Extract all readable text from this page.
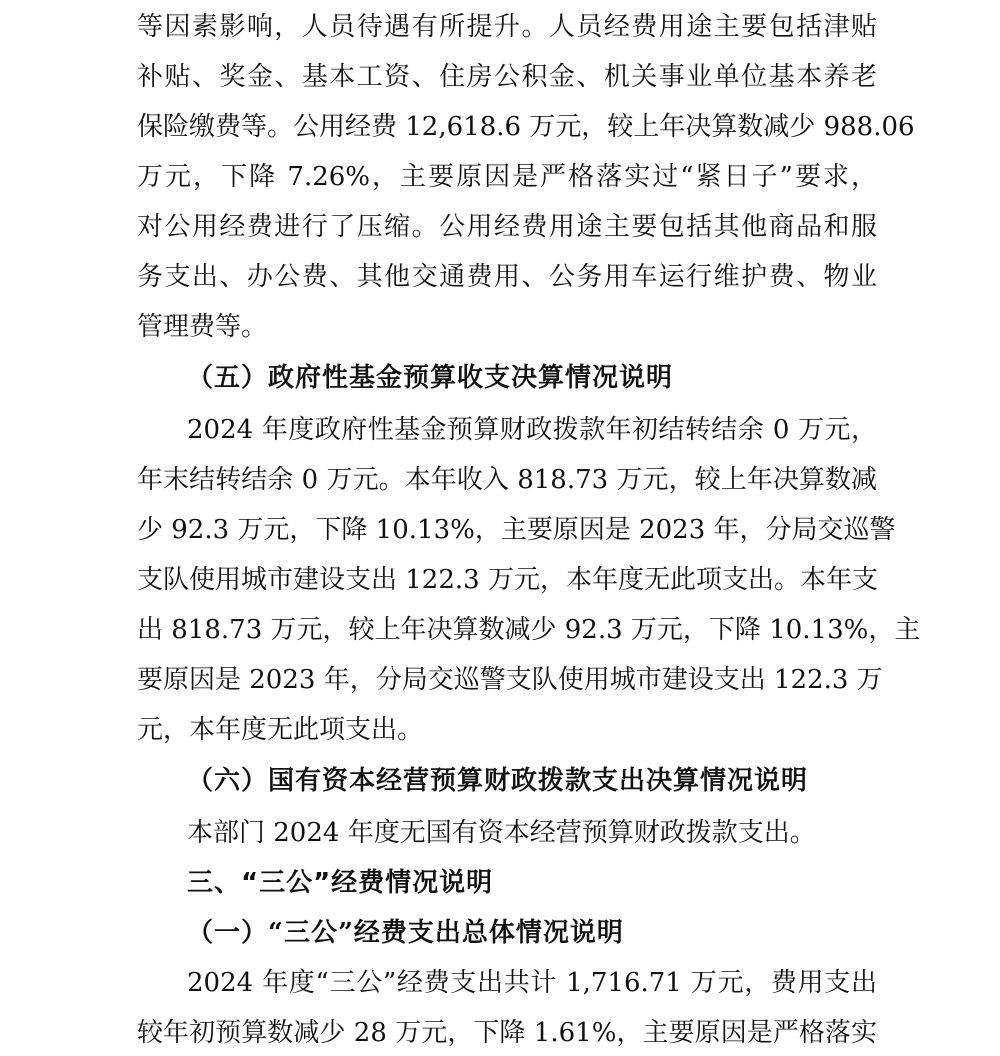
等因素影响，人员待遇有所提升。人员经费用途主要包括津贴
补贴、奖金、基本工资、住房公积金、机关事业单位基本养老
保险缴费等。公用经费 12,618.6 万元，较上年决算数减少 988.06
万元，下降 7.26%，主要原因是严格落实过“紧日子”要求，
对公用经费进行了压缩。公用经费用途主要包括其他商品和服
务支出、办公费、其他交通费用、公务用车运行维护费、物业
管理费等。
（五）政府性基金预算收支决算情况说明
2024 年度政府性基金预算财政拨款年初结转结余 0 万元，
年末结转结余 0 万元。本年收入 818.73 万元，较上年决算数减
少 92.3 万元，下降 10.13%，主要原因是 2023 年，分局交巡警
支队使用城市建设支出 122.3 万元，本年度无此项支出。本年支
出 818.73 万元，较上年决算数减少 92.3 万元，下降 10.13%，主
要原因是 2023 年，分局交巡警支队使用城市建设支出 122.3 万
元，本年度无此项支出。
（六）国有资本经营预算财政拨款支出决算情况说明
本部门 2024 年度无国有资本经营预算财政拨款支出。
三、“三公”经费情况说明
（一）“三公”经费支出总体情况说明
2024 年度“三公”经费支出共计 1,716.71 万元，费用支出
较年初预算数减少 28 万元，下降 1.61%，主要原因是严格落实
